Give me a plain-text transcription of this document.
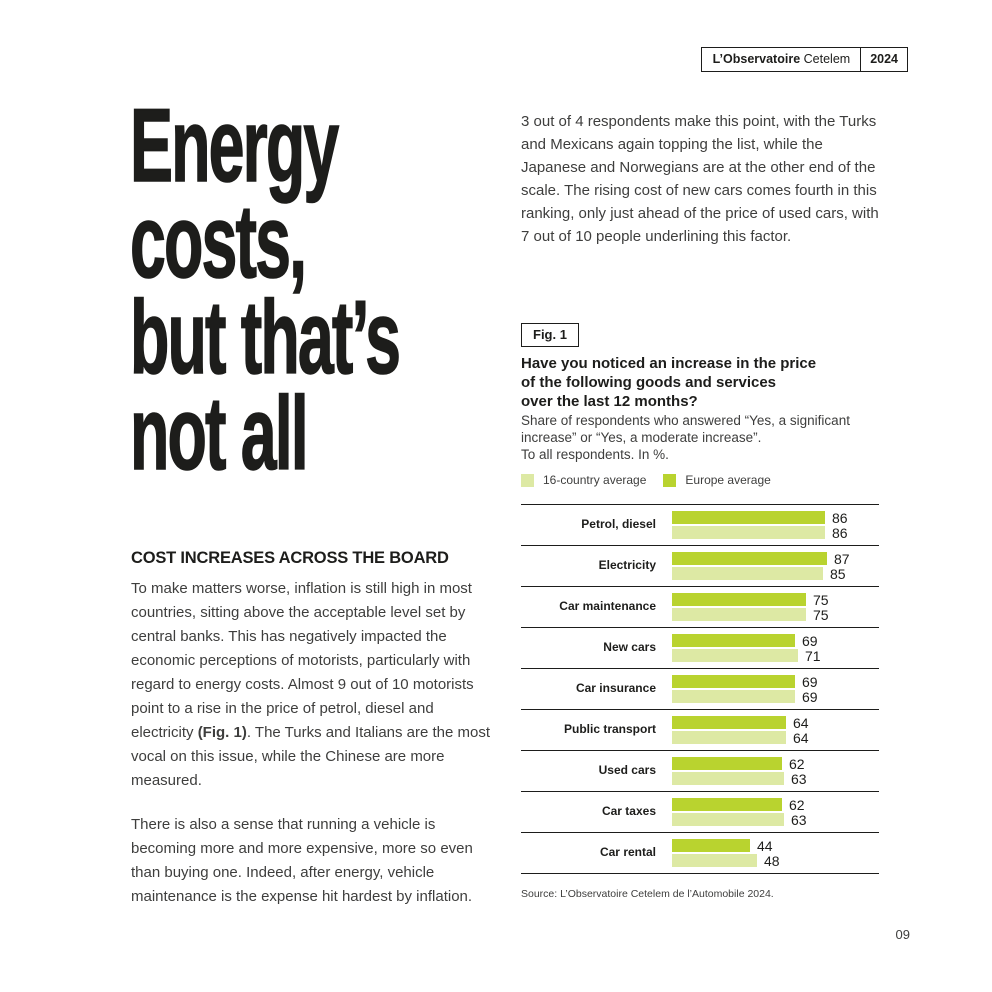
L’Observatoire Cetelem	2024
Energy
costs,
but that’s
not all
3 out of 4 respondents make this point, with the Turks and Mexicans again topping the list, while the Japanese and Norwegians are at the other end of the scale. The rising cost of new cars comes fourth in this ranking, only just ahead of the price of used cars, with 7 out of 10 people underlining this factor.
Fig. 1
Have you noticed an increase in the price
of the following goods and services
over the last 12 months?
Share of respondents who answered “Yes, a significant
increase” or “Yes, a moderate increase”.
To all respondents. In %.
16-country average	Europe average
Petrol, diesel	86
86
Electricity	87
85
Car maintenance	75
75
New cars	69
71
Car insurance	69
69
Public transport	64
64
Used cars	62
63
Car taxes	62
63
Car rental	44
48
Source: L’Observatoire Cetelem de l’Automobile 2024.
COST INCREASES ACROSS THE BOARD

To make matters worse, inflation is still high in most countries, sitting above the acceptable level set by central banks. This has negatively impacted the economic perceptions of motorists, particularly with regard to energy costs. Almost 9 out of 10 motorists point to a rise in the price of petrol, diesel and electricity (Fig. 1). The Turks and Italians are the most vocal on this issue, while the Chinese are more measured.

There is also a sense that running a vehicle is becoming more and more expensive, more so even than buying one. Indeed, after energy, vehicle maintenance is the expense hit hardest by inflation.

09
